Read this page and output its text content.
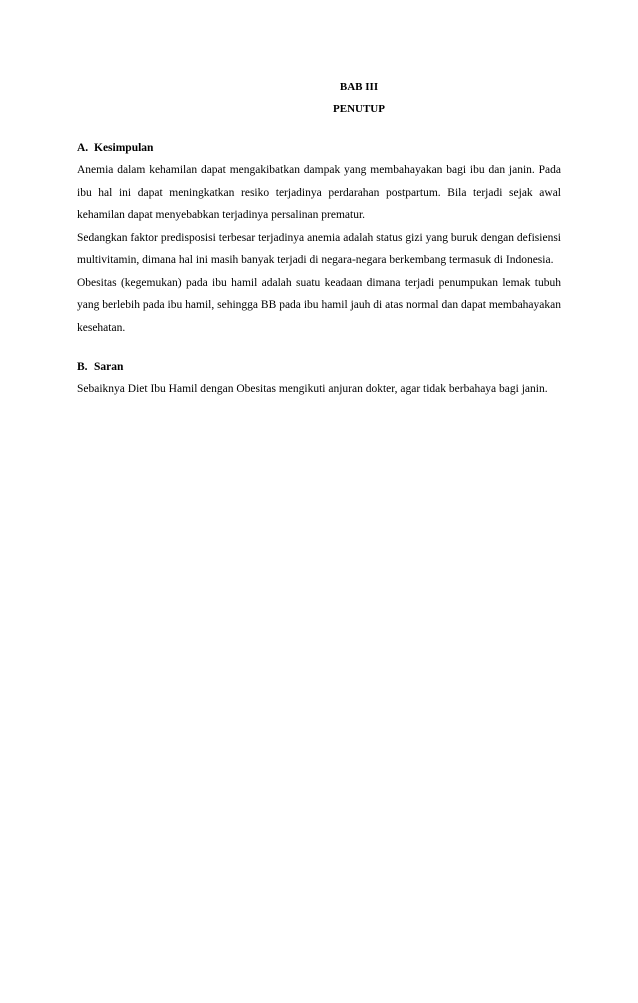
BAB III
PENUTUP
A. Kesimpulan

Anemia dalam kehamilan dapat mengakibatkan dampak yang membahayakan bagi ibu dan janin. Pada ibu hal ini dapat meningkatkan resiko terjadinya perdarahan postpartum. Bila terjadi sejak awal kehamilan dapat menyebabkan terjadinya persalinan prematur.

Sedangkan faktor predisposisi terbesar terjadinya anemia adalah status gizi yang buruk dengan defisiensi multivitamin, dimana hal ini masih banyak terjadi di negara-negara berkembang termasuk di Indonesia.

Obesitas (kegemukan) pada ibu hamil adalah suatu keadaan dimana terjadi penumpukan lemak tubuh yang berlebih pada ibu hamil, sehingga BB pada ibu hamil jauh di atas normal dan dapat membahayakan kesehatan.

B. Saran

Sebaiknya Diet Ibu Hamil dengan Obesitas mengikuti anjuran dokter, agar tidak berbahaya bagi janin.
